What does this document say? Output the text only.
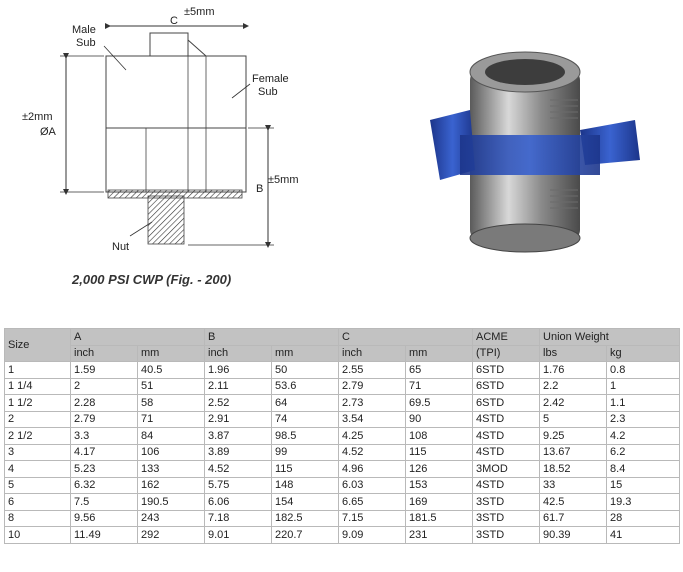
Male
Sub
Female
Sub
Nut
C
±5mm
±2mm
ØA
B
±5mm
2,000 PSI CWP (Fig. - 200)
Size	A		B		C		ACME	Union Weight	
	inch	mm	inch	mm	inch	mm	(TPI)	lbs	kg
1	1.59	40.5	1.96	50	2.55	65	6STD	1.76	0.8
1 1/4	2	51	2.11	53.6	2.79	71	6STD	2.2	1
1 1/2	2.28	58	2.52	64	2.73	69.5	6STD	2.42	1.1
2	2.79	71	2.91	74	3.54	90	4STD	5	2.3
2 1/2	3.3	84	3.87	98.5	4.25	108	4STD	9.25	4.2
3	4.17	106	3.89	99	4.52	115	4STD	13.67	6.2
4	5.23	133	4.52	115	4.96	126	3MOD	18.52	8.4
5	6.32	162	5.75	148	6.03	153	4STD	33	15
6	7.5	190.5	6.06	154	6.65	169	3STD	42.5	19.3
8	9.56	243	7.18	182.5	7.15	181.5	3STD	61.7	28
10	11.49	292	9.01	220.7	9.09	231	3STD	90.39	41
